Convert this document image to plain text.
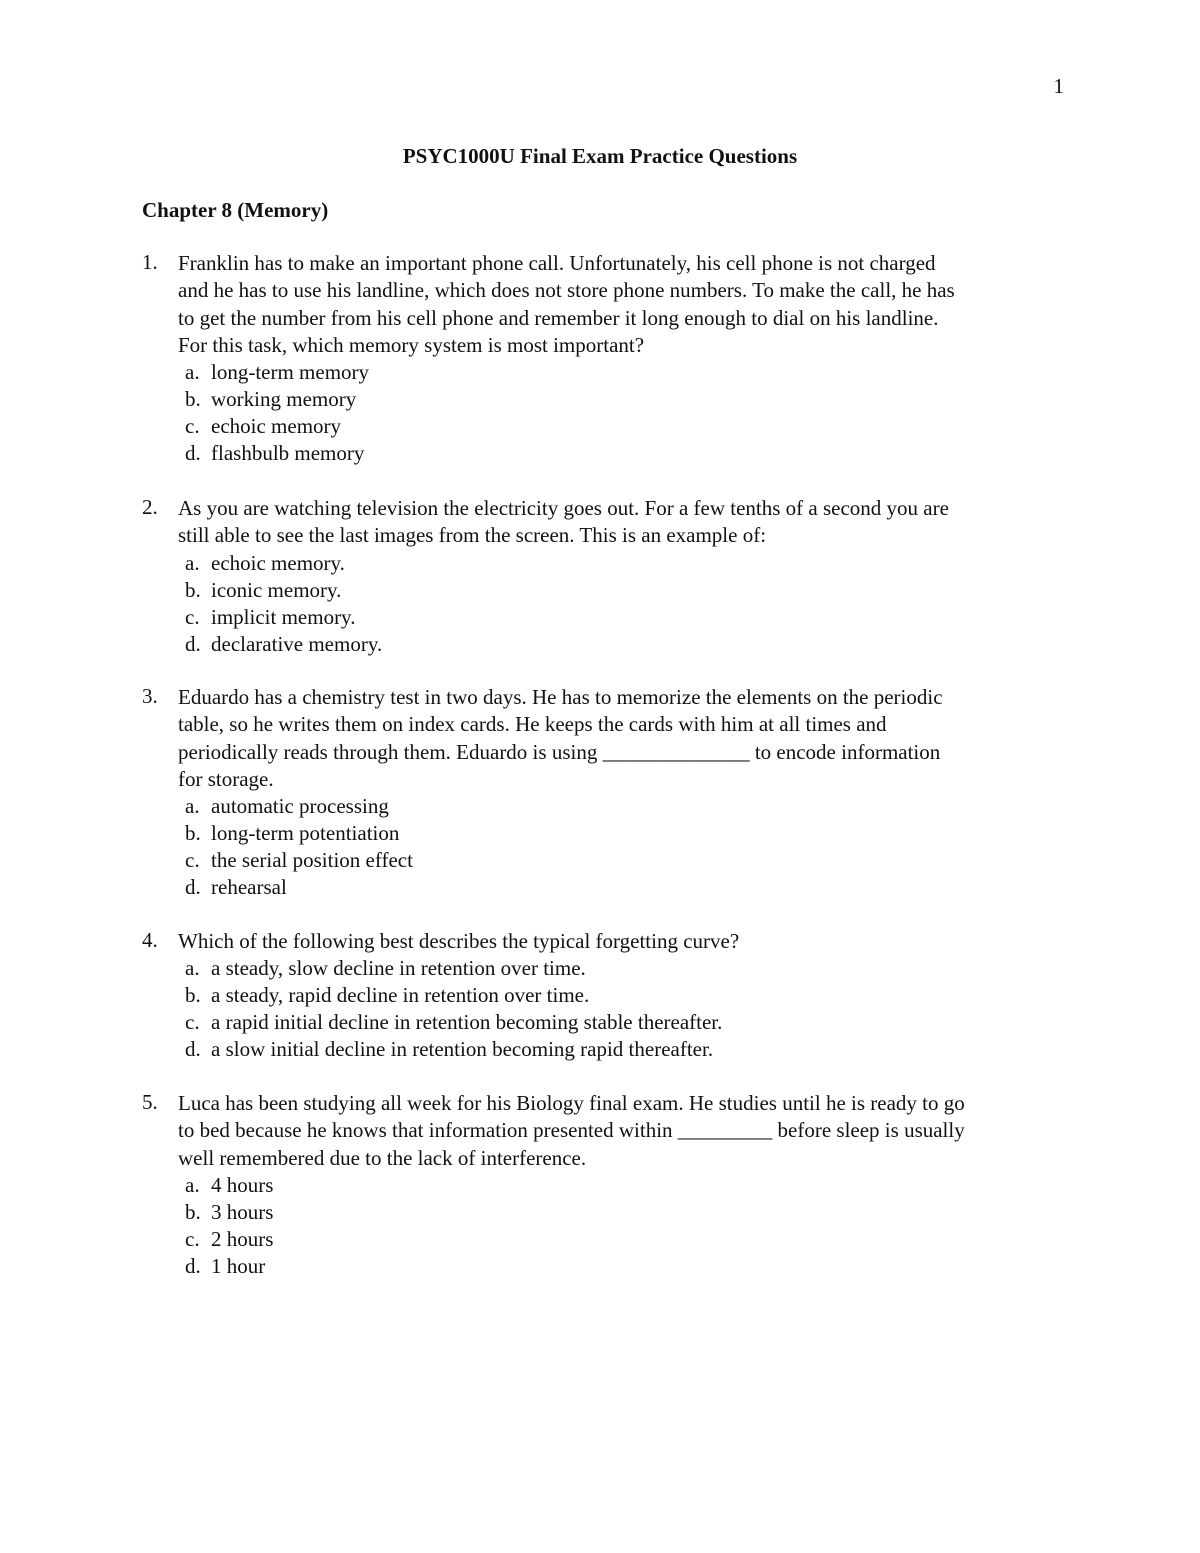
1
PSYC1000U Final Exam Practice Questions
Chapter 8 (Memory)
1. Franklin has to make an important phone call. Unfortunately, his cell phone is not charged
and he has to use his landline, which does not store phone numbers. To make the call, he has
to get the number from his cell phone and remember it long enough to dial on his landline.
For this task, which memory system is most important?
a. long-term memory
b. working memory
c. echoic memory
d. flashbulb memory
2. As you are watching television the electricity goes out. For a few tenths of a second you are
still able to see the last images from the screen. This is an example of:
a. echoic memory.
b. iconic memory.
c. implicit memory.
d. declarative memory.
3. Eduardo has a chemistry test in two days. He has to memorize the elements on the periodic
table, so he writes them on index cards. He keeps the cards with him at all times and
periodically reads through them. Eduardo is using ______________ to encode information
for storage.
a. automatic processing
b. long-term potentiation
c. the serial position effect
d. rehearsal
4. Which of the following best describes the typical forgetting curve?
a. a steady, slow decline in retention over time.
b. a steady, rapid decline in retention over time.
c. a rapid initial decline in retention becoming stable thereafter.
d. a slow initial decline in retention becoming rapid thereafter.
5. Luca has been studying all week for his Biology final exam. He studies until he is ready to go
to bed because he knows that information presented within _________ before sleep is usually
well remembered due to the lack of interference.
a. 4 hours
b. 3 hours
c. 2 hours
d. 1 hour
